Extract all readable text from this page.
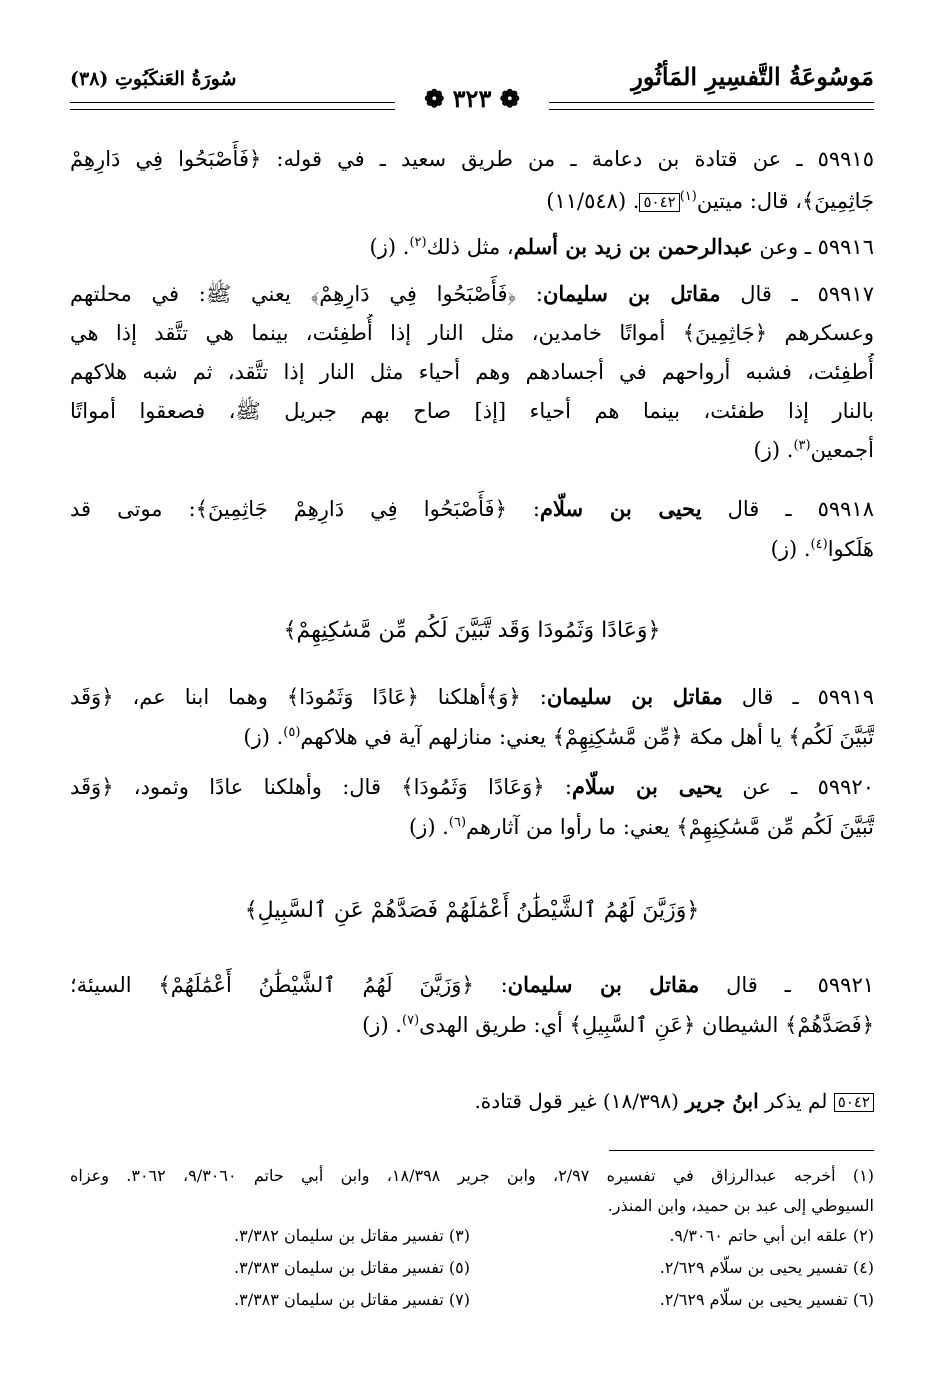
مَوسُوعَةُ التَّفسِيرِ المَأثُورِ
سُورَةُ العَنكَبُوتِ (٣٨)
❁ ٣٢٣ ❁
٥٩٩١٥ ـ عن قتادة بن دعامة ـ من طريق سعيد ـ في قوله: ﴿فَأَصْبَحُوا فِي دَارِهِمْ
جَاثِمِينَ﴾، قال: ميتين$^{(١)}$٥٠٤٢. (١١/٥٤٨)
٥٩٩١٦ ـ وعن عبدالرحمن بن زيد بن أسلم، مثل ذلك$^{(٢)}$. (ز)
٥٩٩١٧ ـ قال مقاتل بن سليمان: ﴿فَأَصْبَحُوا فِي دَارِهِمْ﴾ يعني ﷺ: في محلتهم
وعسكرهم ﴿جَاثِمِينَ﴾ أمواتًا خامدين، مثل النار إذا أُطفِئت، بينما هي تتَّقد إذا هي
أُطفِئت، فشبه أرواحهم في أجسادهم وهم أحياء مثل النار إذا تتَّقد، ثم شبه هلاكهم
بالنار إذا طفئت، بينما هم أحياء [إذ] صاح بهم جبريل ﷺ، فصعقوا أمواتًا
أجمعين$^{(٣)}$. (ز)
٥٩٩١٨ ـ قال يحيى بن سلّام: ﴿فَأَصْبَحُوا فِي دَارِهِمْ جَاثِمِينَ﴾: موتى قد
هَلَكوا$^{(٤)}$. (ز)
﴿وَعَادًا وَثَمُودَا وَقَد تَّبَيَّنَ لَكُم مِّن مَّسَٰكِنِهِمْ﴾
٥٩٩١٩ ـ قال مقاتل بن سليمان: ﴿وَ﴾أهلكنا ﴿عَادًا وَثَمُودَا﴾ وهما ابنا عم، ﴿وَقَد
تَّبَيَّنَ لَكُم﴾ يا أهل مكة ﴿مِّن مَّسَٰكِنِهِمْ﴾ يعني: منازلهم آية في هلاكهم$^{(٥)}$. (ز)
٥٩٩٢٠ ـ عن يحيى بن سلّام: ﴿وَعَادًا وَثَمُودَا﴾ قال: وأهلكنا عادًا وثمود، ﴿وَقَد
تَّبَيَّنَ لَكُم مِّن مَّسَٰكِنِهِمْ﴾ يعني: ما رأوا من آثارهم$^{(٦)}$. (ز)
﴿وَزَيَّنَ لَهُمُ ٱلشَّيْطَٰنُ أَعْمَٰلَهُمْ فَصَدَّهُمْ عَنِ ٱلسَّبِيلِ﴾
٥٩٩٢١ ـ قال مقاتل بن سليمان: ﴿وَزَيَّنَ لَهُمُ ٱلشَّيْطَٰنُ أَعْمَٰلَهُمْ﴾ السيئة؛
﴿فَصَدَّهُمْ﴾ الشيطان ﴿عَنِ ٱلسَّبِيلِ﴾ أي: طريق الهدى$^{(٧)}$. (ز)
٥٠٤٢ لم يذكر ابنُ جرير (١٨/٣٩٨) غير قول قتادة.
(١) أخرجه عبدالرزاق في تفسيره ٢/٩٧، وابن جرير ١٨/٣٩٨، وابن أبي حاتم ٩/٣٠٦٠، ٣٠٦٢. وعزاه
السيوطي إلى عبد بن حميد، وابن المنذر.
(٢) علقه ابن أبي حاتم ٩/٣٠٦٠.
(٣) تفسير مقاتل بن سليمان ٣/٣٨٢.
(٤) تفسير يحيى بن سلّام ٢/٦٢٩.
(٥) تفسير مقاتل بن سليمان ٣/٣٨٣.
(٦) تفسير يحيى بن سلّام ٢/٦٢٩.
(٧) تفسير مقاتل بن سليمان ٣/٣٨٣.
